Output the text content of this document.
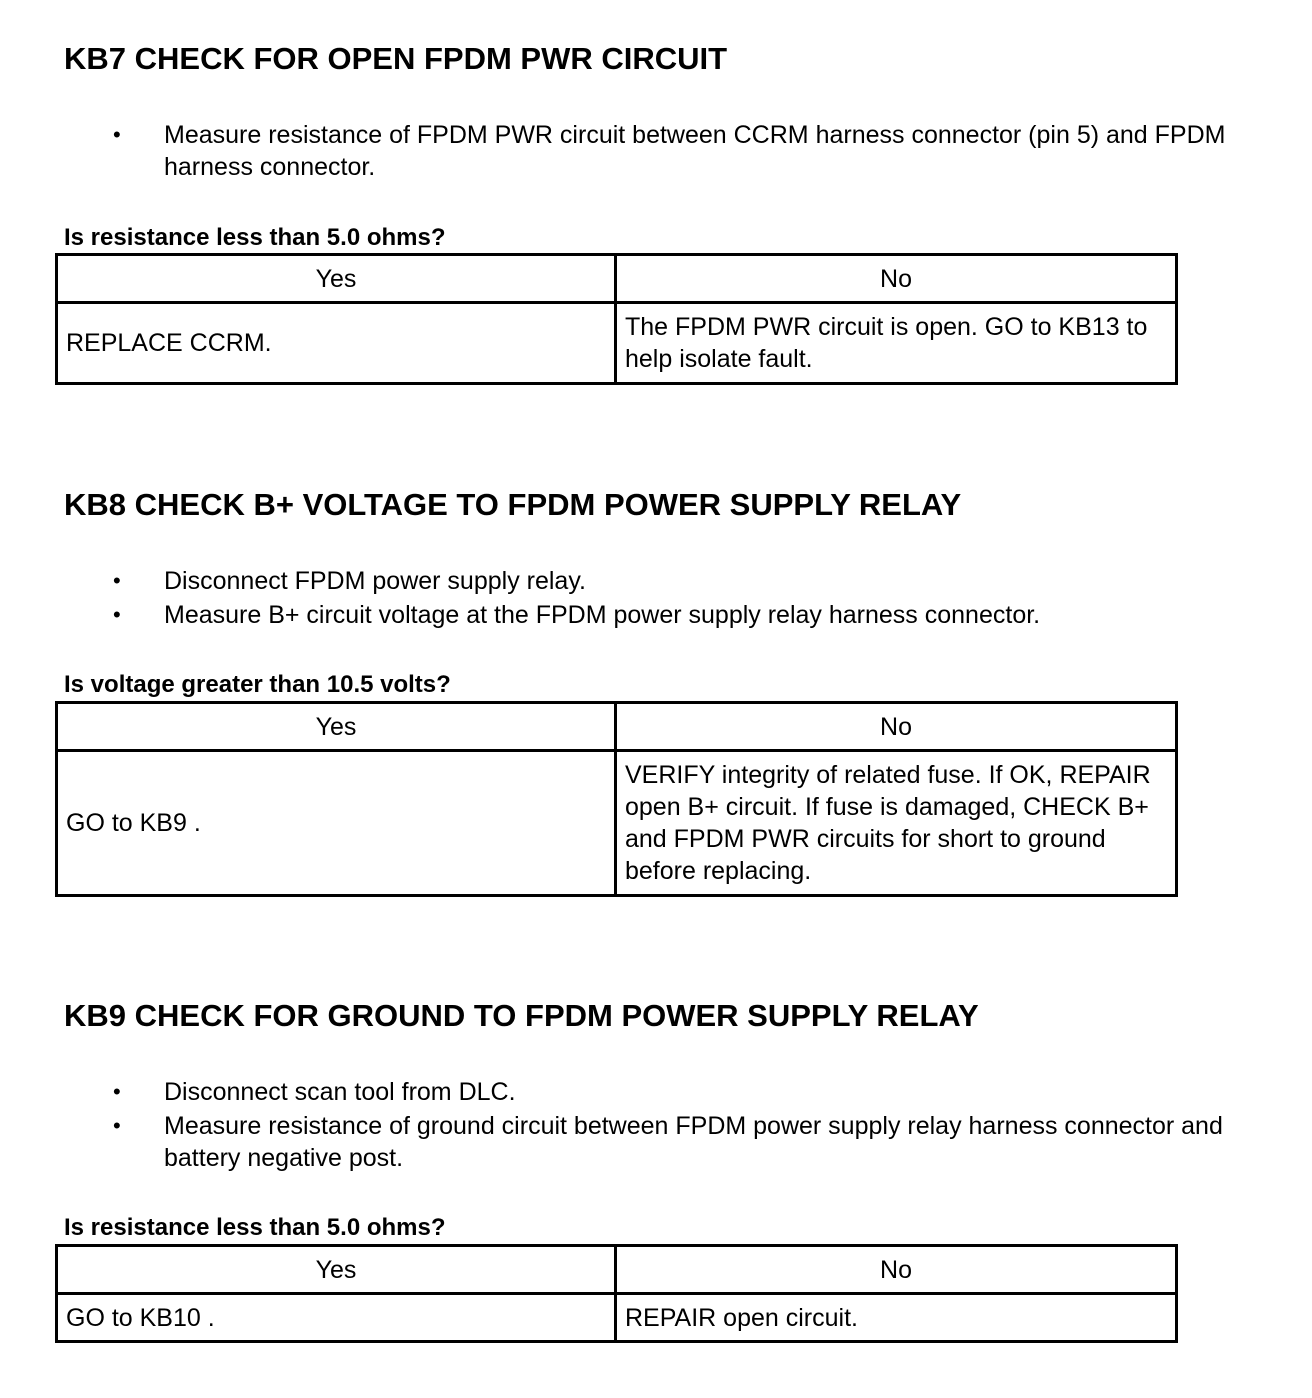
KB7 CHECK FOR OPEN FPDM PWR CIRCUIT
• Measure resistance of FPDM PWR circuit between CCRM harness connector (pin 5) and FPDM harness connector.

Is resistance less than 5.0 ohms?

Yes	No
REPLACE CCRM.	The FPDM PWR circuit is open. GO to KB13 to help isolate fault.
KB8 CHECK B+ VOLTAGE TO FPDM POWER SUPPLY RELAY
• Disconnect FPDM power supply relay.
• Measure B+ circuit voltage at the FPDM power supply relay harness connector.

Is voltage greater than 10.5 volts?

Yes	No
GO to KB9 .	VERIFY integrity of related fuse. If OK, REPAIR open B+ circuit. If fuse is damaged, CHECK B+ and FPDM PWR circuits for short to ground before replacing.
KB9 CHECK FOR GROUND TO FPDM POWER SUPPLY RELAY
• Disconnect scan tool from DLC.
• Measure resistance of ground circuit between FPDM power supply relay harness connector and battery negative post.

Is resistance less than 5.0 ohms?

Yes	No
GO to KB10 .	REPAIR open circuit.
